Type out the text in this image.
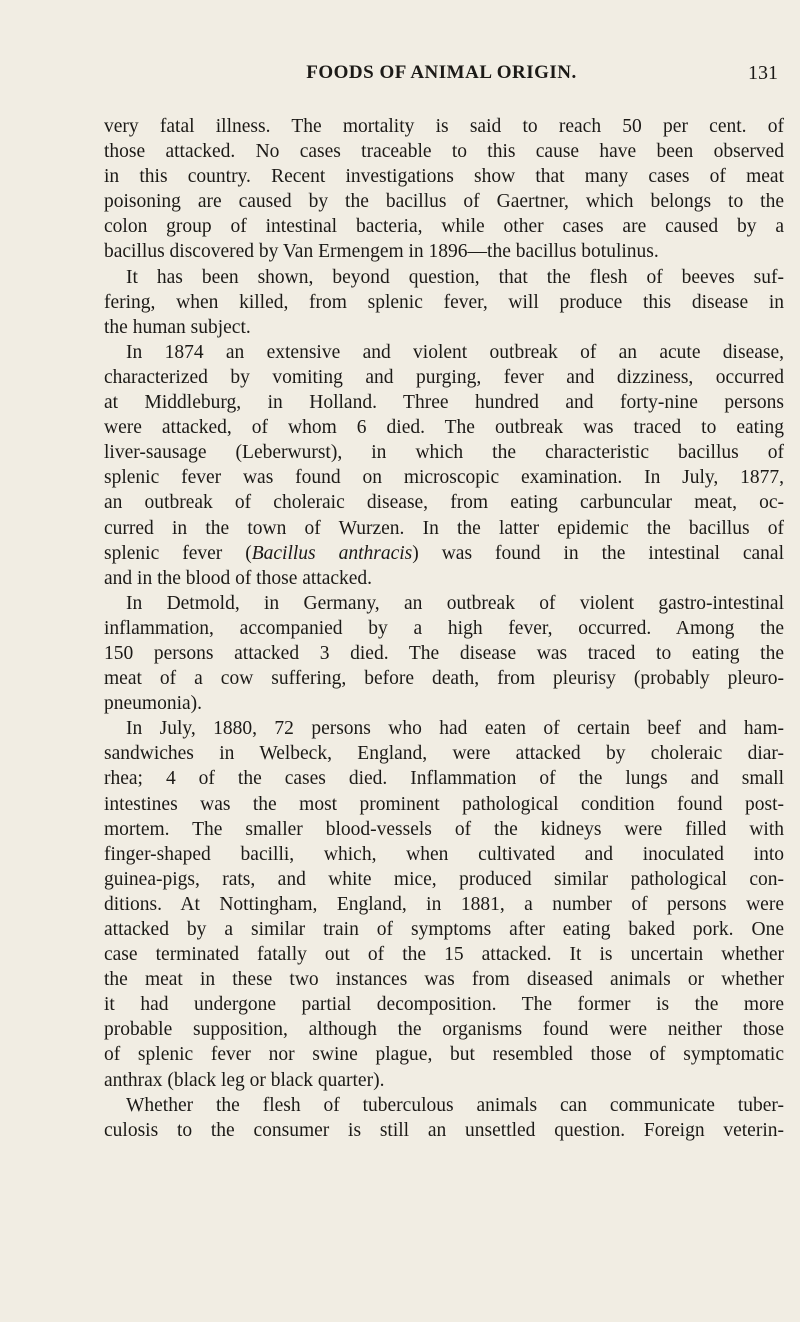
FOODS OF ANIMAL ORIGIN.	131
very fatal illness. The mortality is said to reach 50 per cent. of
those attacked. No cases traceable to this cause have been observed
in this country. Recent investigations show that many cases of meat
poisoning are caused by the bacillus of Gaertner, which belongs to the
colon group of intestinal bacteria, while other cases are caused by a
bacillus discovered by Van Ermengem in 1896—the bacillus botulinus.
It has been shown, beyond question, that the flesh of beeves suf-
fering, when killed, from splenic fever, will produce this disease in
the human subject.
In 1874 an extensive and violent outbreak of an acute disease,
characterized by vomiting and purging, fever and dizziness, occurred
at Middleburg, in Holland. Three hundred and forty-nine persons
were attacked, of whom 6 died. The outbreak was traced to eating
liver-sausage (Leberwurst), in which the characteristic bacillus of
splenic fever was found on microscopic examination. In July, 1877,
an outbreak of choleraic disease, from eating carbuncular meat, oc-
curred in the town of Wurzen. In the latter epidemic the bacillus of
splenic fever (Bacillus anthracis) was found in the intestinal canal
and in the blood of those attacked.
In Detmold, in Germany, an outbreak of violent gastro-intestinal
inflammation, accompanied by a high fever, occurred. Among the
150 persons attacked 3 died. The disease was traced to eating the
meat of a cow suffering, before death, from pleurisy (probably pleuro-
pneumonia).
In July, 1880, 72 persons who had eaten of certain beef and ham-
sandwiches in Welbeck, England, were attacked by choleraic diar-
rhea; 4 of the cases died. Inflammation of the lungs and small
intestines was the most prominent pathological condition found post-
mortem. The smaller blood-vessels of the kidneys were filled with
finger-shaped bacilli, which, when cultivated and inoculated into
guinea-pigs, rats, and white mice, produced similar pathological con-
ditions. At Nottingham, England, in 1881, a number of persons were
attacked by a similar train of symptoms after eating baked pork. One
case terminated fatally out of the 15 attacked. It is uncertain whether
the meat in these two instances was from diseased animals or whether
it had undergone partial decomposition. The former is the more
probable supposition, although the organisms found were neither those
of splenic fever nor swine plague, but resembled those of symptomatic
anthrax (black leg or black quarter).
Whether the flesh of tuberculous animals can communicate tuber-
culosis to the consumer is still an unsettled question. Foreign veterin-
